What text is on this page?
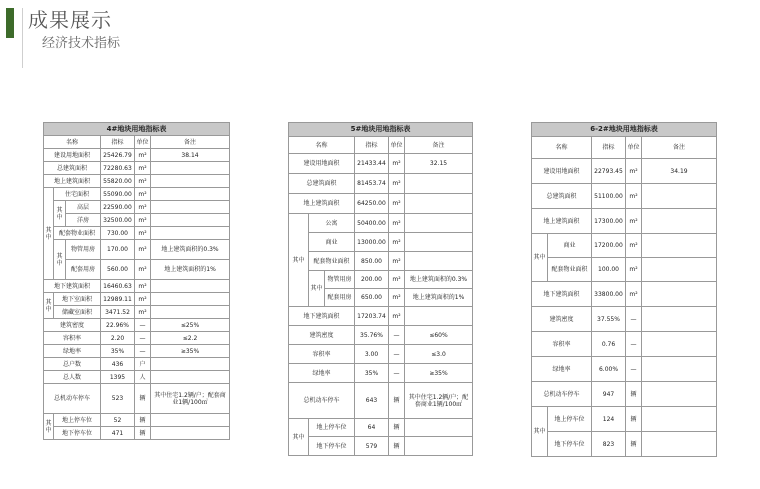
成果展示
经济技术指标
4#地块用地指标表					
名称			指标	单位	备注
建设用地面积			25426.79	m²	38.14
总建筑面积			72280.63	m²	
地上建筑面积			55820.00	m²	
其中	住宅面积		55090.00	m²	
	其中	高层	22590.00	m²	
		洋房	32500.00	m²	
	配套物业面积		730.00	m²	
	其中	物管用房	170.00	m²	地上建筑面积的0.3%
		配套用房	560.00	m²	地上建筑面积的1%
地下建筑面积			16460.63	m²	
其中	地下室面积		12989.11	m²	
	储藏室面积		3471.52	m²	
建筑密度			22.96%	—	≤25%
容积率			2.20	—	≤2.2
绿地率			35%	—	≥35%
总户数			436	户	
总人数			1395	人	
总机动车停车			523	辆	其中住宅1.2辆/户；配套商业1辆/100㎡
其中	地上停车位		52	辆	
	地下停车位		471	辆	
5#地块用地指标表					
名称			指标	单位	备注
建设用地面积			21433.44	m²	32.15
总建筑面积			81453.74	m²	
地上建筑面积			64250.00	m²	
其中	公寓		50400.00	m²	
	商业		13000.00	m²	
	配套物业面积		850.00	m²	
	其中	物管用房	200.00	m²	地上建筑面积的0.3%
		配套用房	650.00	m²	地上建筑面积的1%
地下建筑面积			17203.74	m²	
建筑密度			35.76%	—	≤60%
容积率			3.00	—	≤3.0
绿地率			35%	—	≥35%
总机动车停车			643	辆	其中住宅1.2辆/户；配套商业1辆/100㎡
其中	地上停车位		64	辆	
	地下停车位		579	辆	
6-2#地块用地指标表				
名称		指标	单位	备注
建设用地面积		22793.45	m²	34.19
总建筑面积		51100.00	m²	
地上建筑面积		17300.00	m²	
其中	商业	17200.00	m²	
	配套物业面积	100.00	m²	
地下建筑面积		33800.00	m²	
建筑密度		37.55%	—	
容积率		0.76	—	
绿地率		6.00%	—	
总机动车停车		947	辆	
其中	地上停车位	124	辆	
	地下停车位	823	辆	
